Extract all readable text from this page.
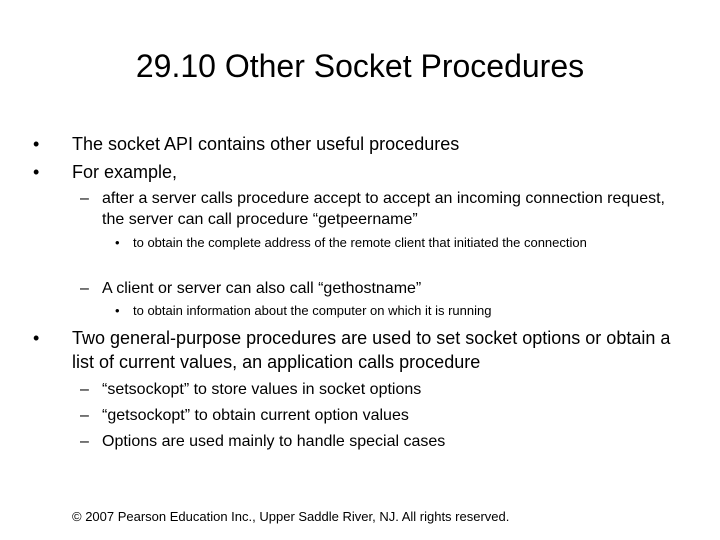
29.10 Other Socket Procedures
• The socket API contains other useful procedures
• For example,
– after a server calls procedure accept to accept an incoming connection request, the server can call procedure “getpeername”
• to obtain the complete address of the remote client that initiated the connection
– A client or server can also call “gethostname”
• to obtain information about the computer on which it is running
• Two general-purpose procedures are used to set socket options or obtain a list of current values, an application calls procedure
– “setsockopt” to store values in socket options
– “getsockopt” to obtain current option values
– Options are used mainly to handle special cases
© 2007 Pearson Education Inc., Upper Saddle River, NJ. All rights reserved.
